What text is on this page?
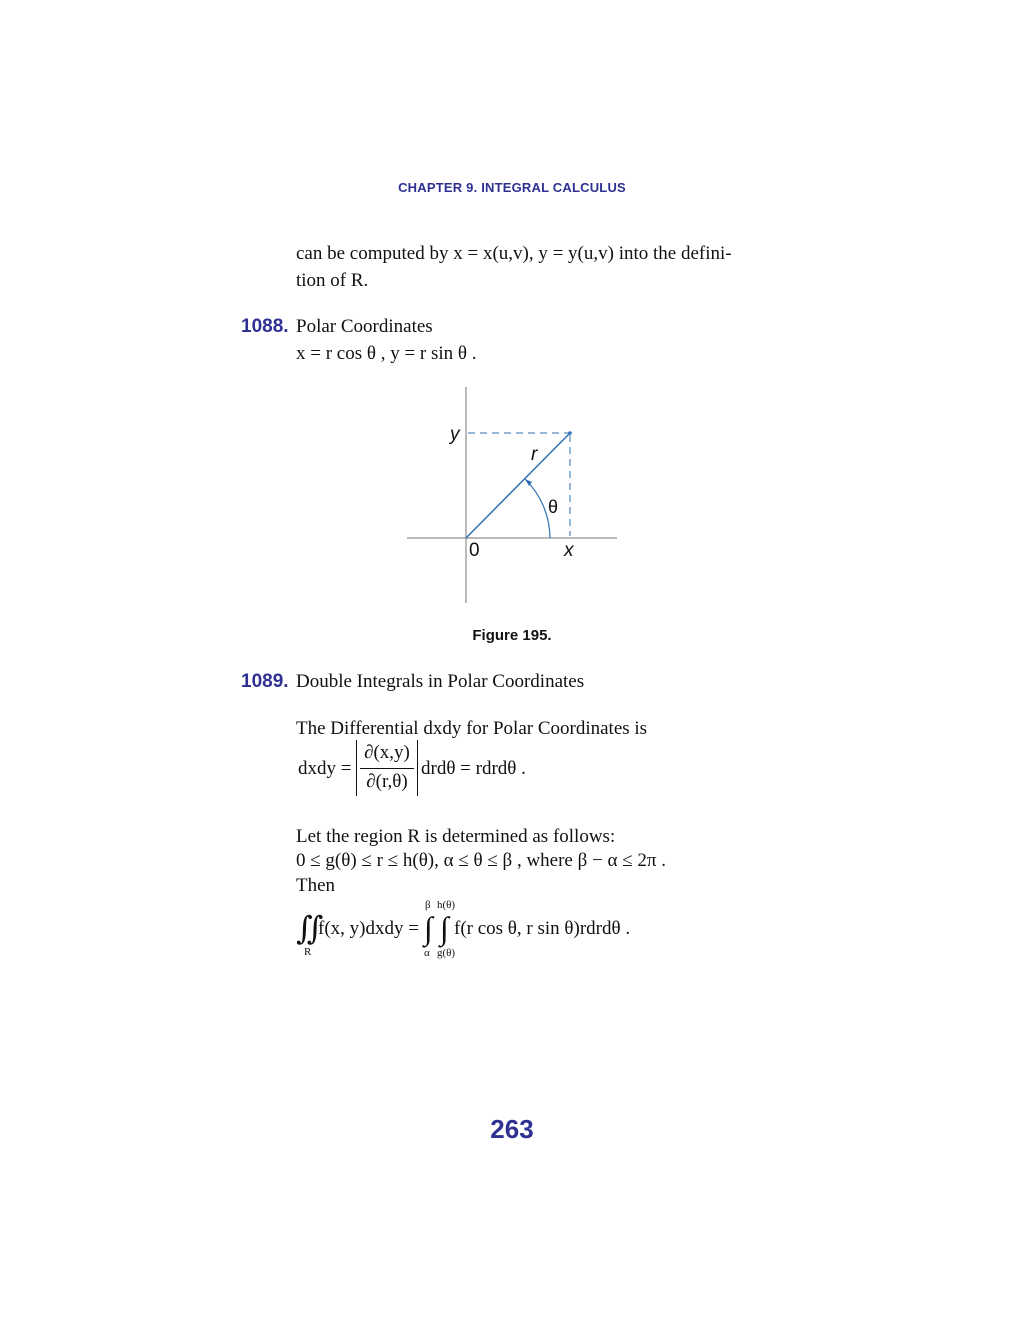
CHAPTER 9. INTEGRAL CALCULUS
can be computed by x = x(u,v), y = y(u,v) into the defini-
tion of R.
1088. Polar Coordinates
x = r cos θ , y = r sin θ .
y
r
θ
0	x
Figure 195.
1089. Double Integrals in Polar Coordinates
The Differential dxdy for Polar Coordinates is
dxdy =
∂(x,y)
∂(r,θ)
drdθ = rdrdθ .
Let the region R is determined as follows:
0 ≤ g(θ) ≤ r ≤ h(θ), α ≤ θ ≤ β , where β − α ≤ 2π .
Then
∬
R
f(x, y)dxdy = ∫
β
α
∫
h(θ)
g(θ)
f(r cos θ, r sin θ)rdrdθ .
263
